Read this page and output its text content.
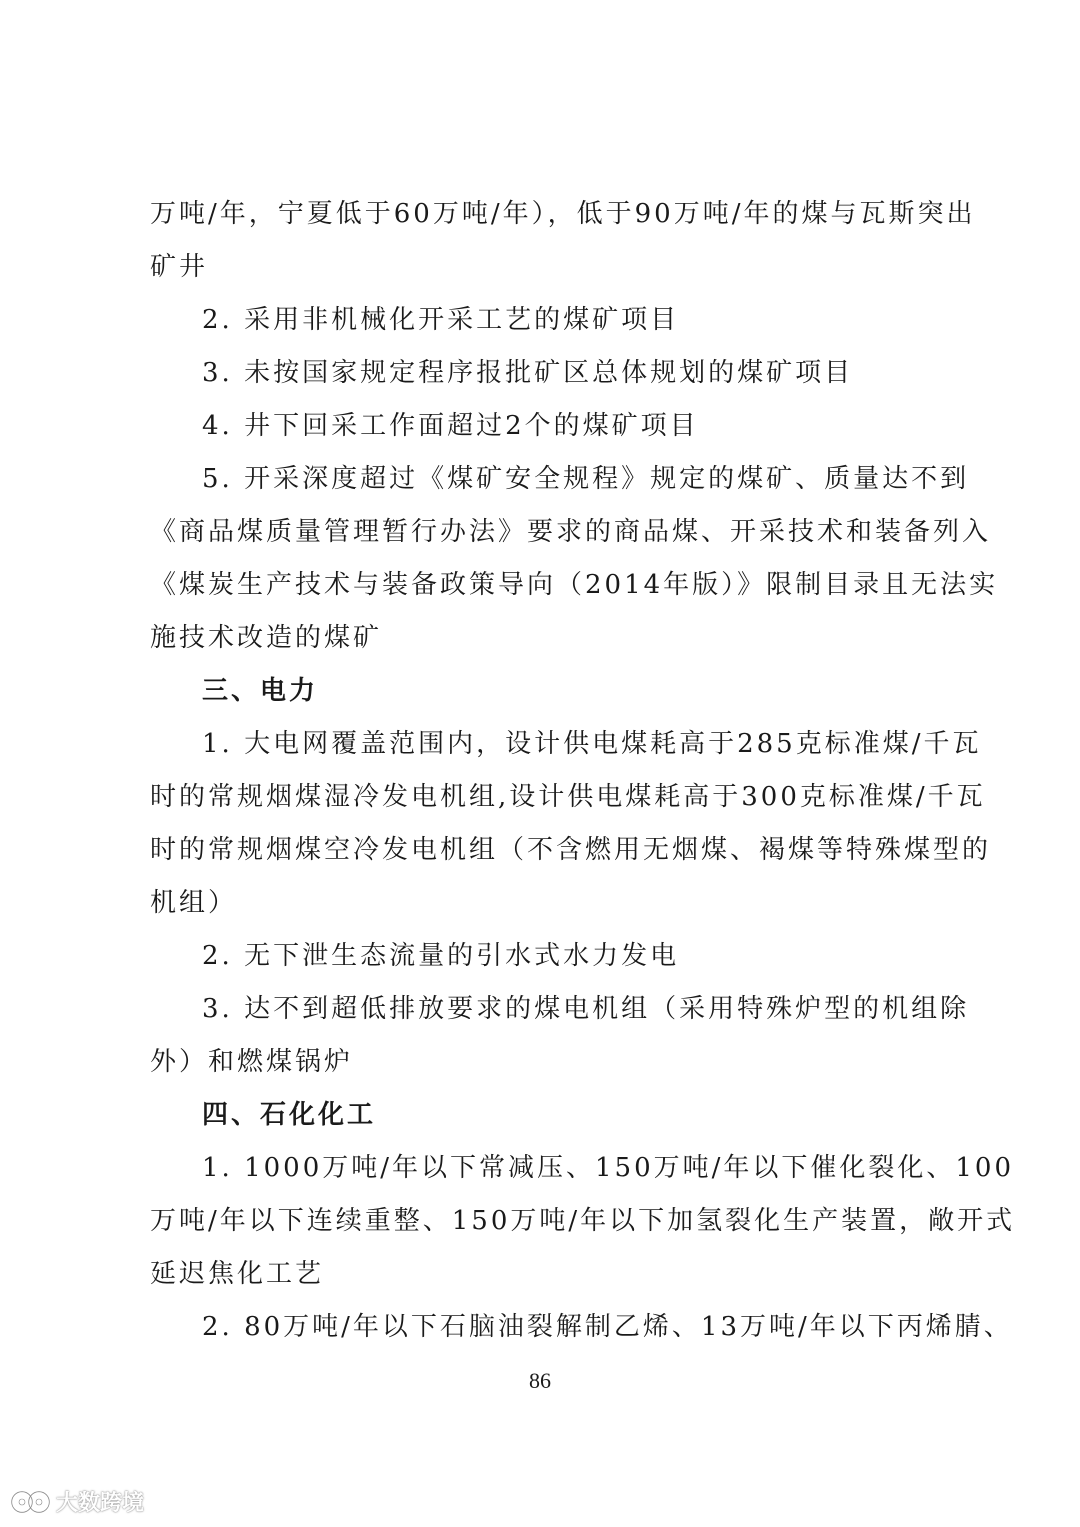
万吨/年，宁夏低于60万吨/年），低于90万吨/年的煤与瓦斯突出
矿井
2. 采用非机械化开采工艺的煤矿项目
3. 未按国家规定程序报批矿区总体规划的煤矿项目
4. 井下回采工作面超过2个的煤矿项目
5. 开采深度超过《煤矿安全规程》规定的煤矿、质量达不到
《商品煤质量管理暂行办法》要求的商品煤、开采技术和装备列入
《煤炭生产技术与装备政策导向（2014年版）》限制目录且无法实
施技术改造的煤矿
三、电力
1. 大电网覆盖范围内，设计供电煤耗高于285克标准煤/千瓦
时的常规烟煤湿冷发电机组,设计供电煤耗高于300克标准煤/千瓦
时的常规烟煤空冷发电机组（不含燃用无烟煤、褐煤等特殊煤型的
机组）
2. 无下泄生态流量的引水式水力发电
3. 达不到超低排放要求的煤电机组（采用特殊炉型的机组除
外）和燃煤锅炉
四、石化化工
1. 1000万吨/年以下常减压、150万吨/年以下催化裂化、100
万吨/年以下连续重整、150万吨/年以下加氢裂化生产装置，敞开式
延迟焦化工艺
2. 80万吨/年以下石脑油裂解制乙烯、13万吨/年以下丙烯腈、
86
大数跨境
